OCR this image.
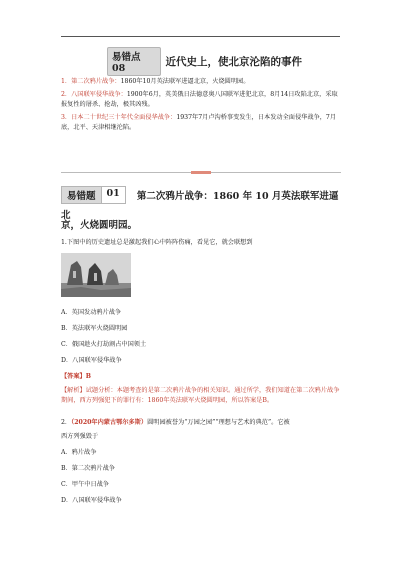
易错点 08
近代史上，使北京沦陷的事件

1．第二次鸦片战争：1860年10月英法联军进逼北京，火烧圆明园。

2．八国联军侵华战争：1900年6月，英美俄日法德意奥八国联军进犯北京，8月14日攻陷北京，采取报复性的屠杀、抢劫，极其凶残。

3．日本二十世纪三十年代全面侵华战争：1937年7月卢沟桥事变发生，日本发动全面侵华战争，7月底，北平、天津相继沦陷。

易错题	01	第二次鸦片战争：1860 年 10 月英法联军进逼北
京，火烧圆明园。
1.下图中的历史遗址总是激起我们心中阵阵伤痛，看见它，就会联想到
A．英国发动鸦片战争
B．英法联军火烧圆明园
C．俄国趁火打劫割占中国领土
D．八国联军侵华战争
【答案】B
【解析】试题分析：本题考查的是第二次鸦片战争的相关知识。通过所学，我们知道在第二次鸦片战争期间，西方列强犯下的罪行有：1860年英法联军火烧圆明园，所以答案是B。
2．（2020年内蒙古鄂尔多斯）圆明园被誉为“万园之园”“理想与艺术的典范”。它被
西方列强毁于
A．鸦片战争
B．第二次鸦片战争
C．甲午中日战争
D．八国联军侵华战争
